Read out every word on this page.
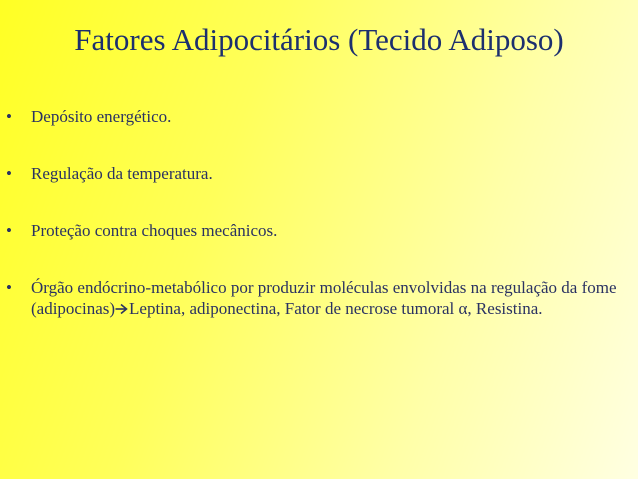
Fatores Adipocitários (Tecido Adiposo)
•	Depósito energético.
•	Regulação da temperatura.
•	Proteção contra choques mecânicos.
•	Órgão endócrino-metabólico por produzir moléculas envolvidas na regulação da fome (adipocinas) Leptina, adiponectina, Fator de necrose tumoral α, Resistina.
